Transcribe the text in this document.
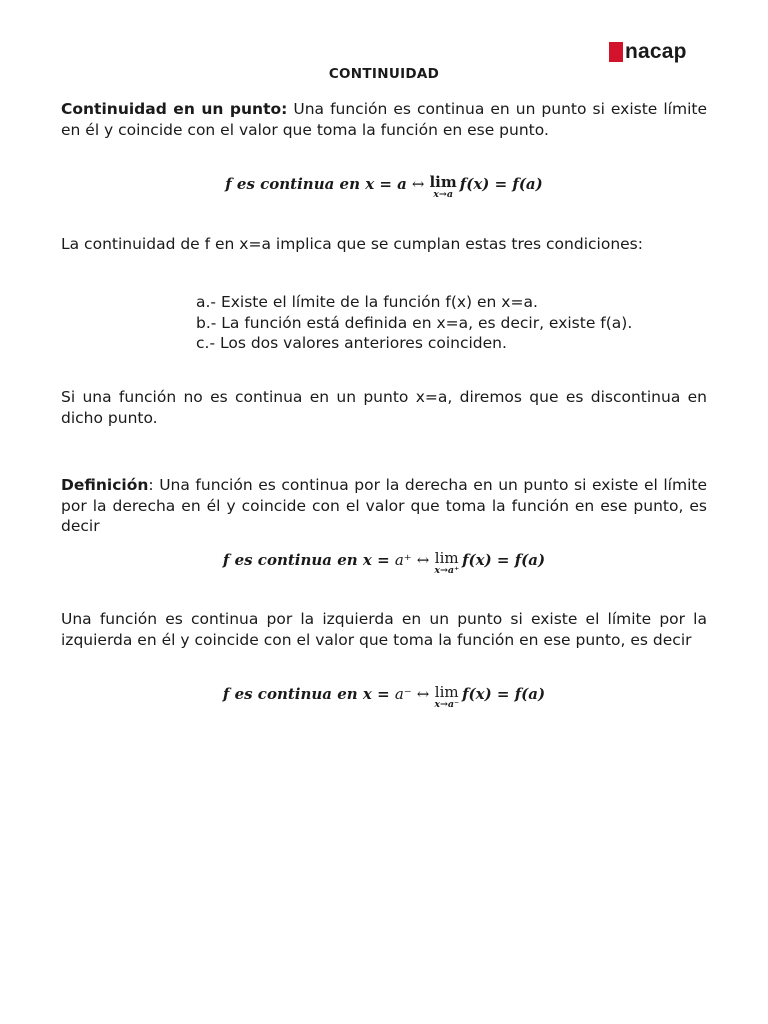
nacap
CONTINUIDAD
Continuidad en un punto: Una función es continua en un punto si existe límite en él y coincide con el valor que toma la función en ese punto.
f es continua en x = a ↔ lim
x→a
f(x) = f(a)
La continuidad de f en x=a implica que se cumplan estas tres condiciones:
a.- Existe el límite de la función f(x) en x=a.
b.- La función está definida en x=a, es decir, existe f(a).
c.- Los dos valores anteriores coinciden.
Si una función no es continua en un punto x=a, diremos que es discontinua en dicho punto.
Definición: Una función es continua por la derecha en un punto si existe el límite por la derecha en él y coincide con el valor que toma la función en ese punto, es decir
f es continua en x = a⁺ ↔ lim
x→a⁺
f(x) = f(a)
Una función es continua por la izquierda en un punto si existe el límite por la izquierda en él y coincide con el valor que toma la función en ese punto, es decir
f es continua en x = a⁻ ↔ lim
x→a⁻
f(x) = f(a)
